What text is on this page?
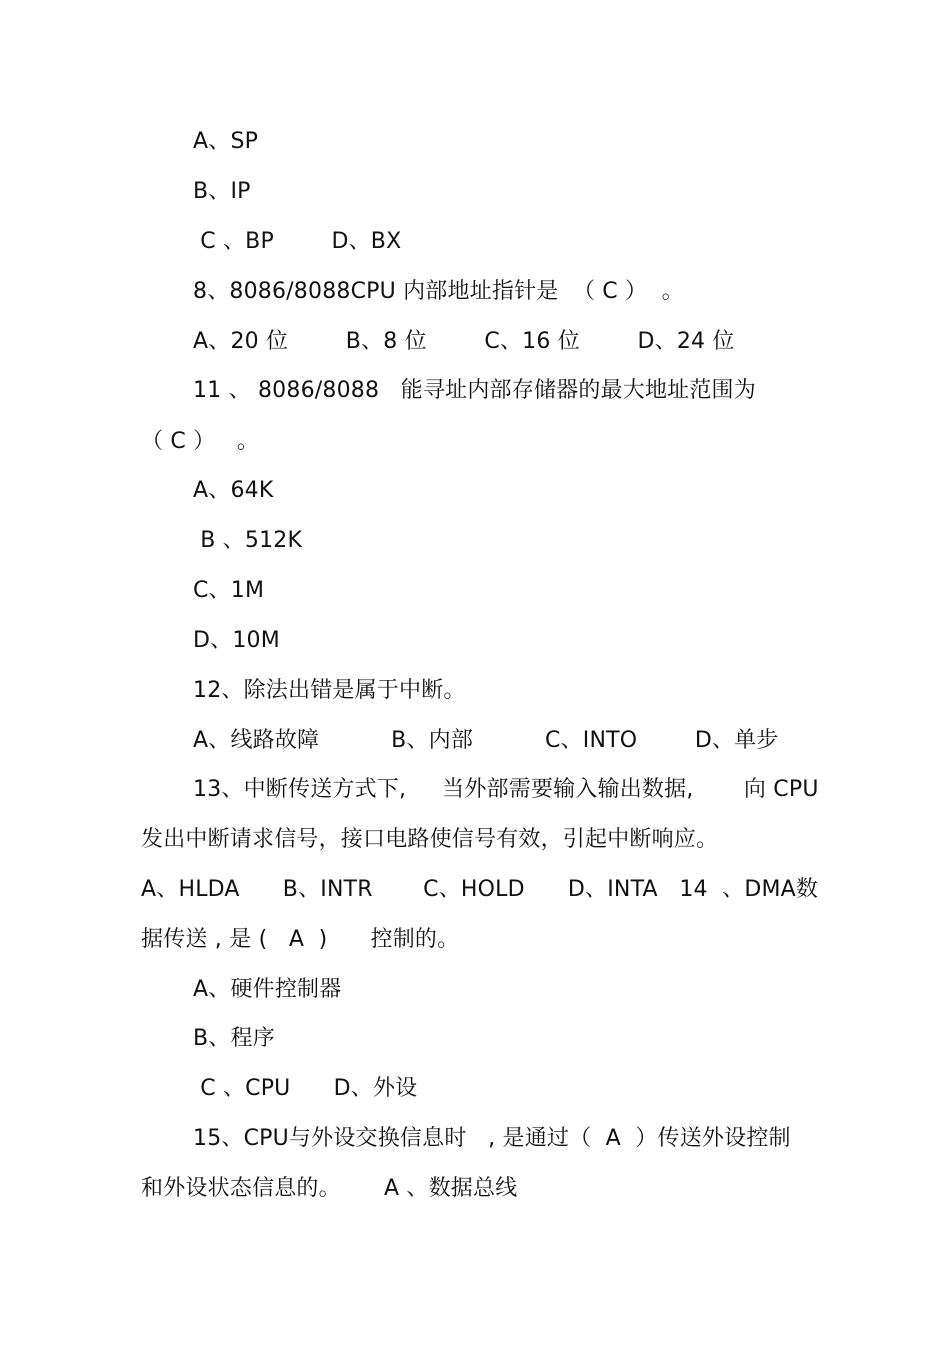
A、SP
B、IP
C 、BP        D、BX
8、8086/8088CPU 内部地址指针是  （ C ）  。
A、20 位        B、8 位        C、16 位        D、24 位
11 、 8086/8088   能寻址内部存储器的最大地址范围为
（ C ）   。
A、64K
B 、512K
C、1M
D、10M
12、除法出错是属于中断。
A、线路故障          B、内部          C、INTO        D、单步
13、中断传送方式下,     当外部需要输入输出数据,       向 CPU
发出中断请求信号，接口电路使信号有效，引起中断响应。
A、HLDA      B、INTR       C、HOLD      D、INTA   14  、DMA数
据传送 , 是 (   A  )      控制的。
A、硬件控制器
B、程序
C 、CPU      D、外设
15、CPU与外设交换信息时   , 是通过（  A  ）传送外设控制
和外设状态信息的。      A 、数据总线
